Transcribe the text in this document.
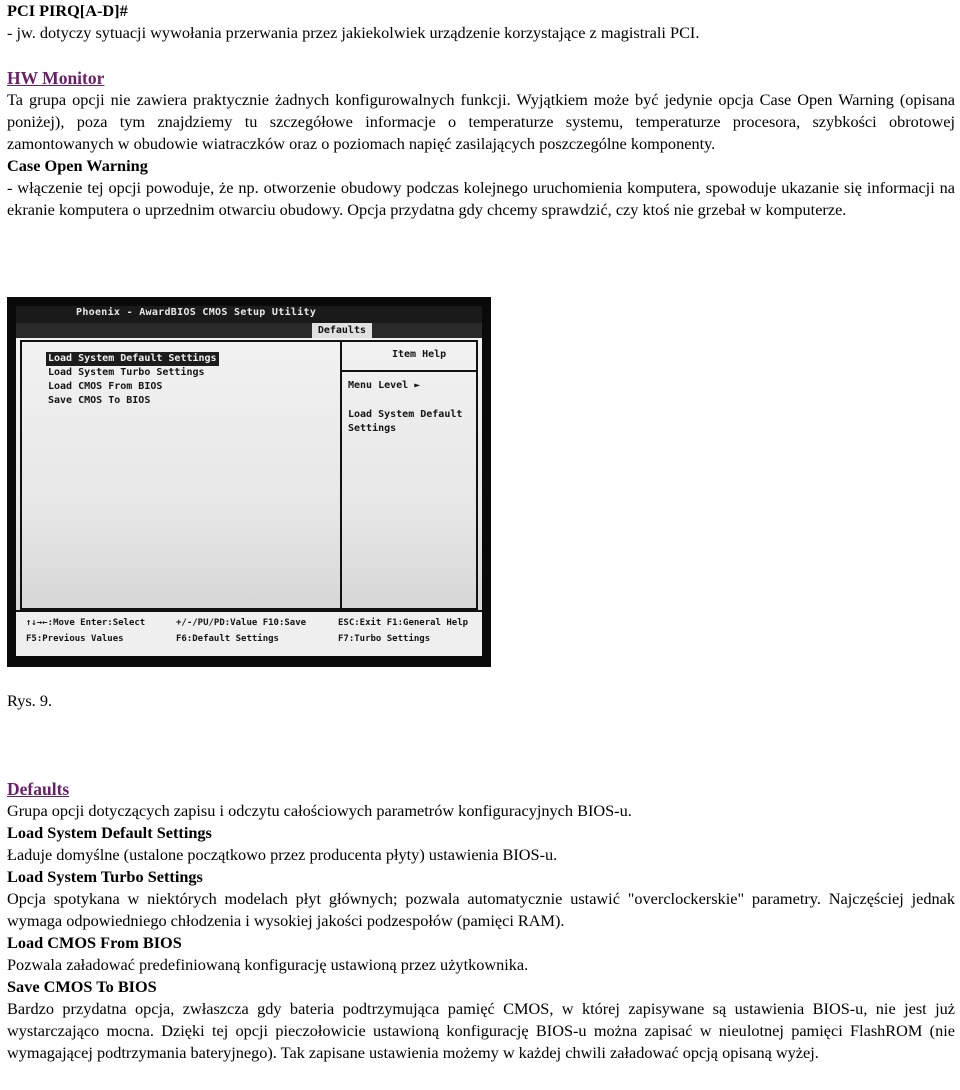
PCI PIRQ[A-D]#

- jw. dotyczy sytuacji wywołania przerwania przez jakiekolwiek urządzenie korzystające z magistrali PCI.

HW Monitor

Ta grupa opcji nie zawiera praktycznie żadnych konfigurowalnych funkcji. Wyjątkiem może być jedynie opcja Case Open Warning (opisana poniżej), poza tym znajdziemy tu szczegółowe informacje o temperaturze systemu, temperaturze procesora, szybkości obrotowej zamontowanych w obudowie wiatraczków oraz o poziomach napięć zasilających poszczególne komponenty.

Case Open Warning

- włączenie tej opcji powoduje, że np. otworzenie obudowy podczas kolejnego uruchomienia komputera, spowoduje ukazanie się informacji na ekranie komputera o uprzednim otwarciu obudowy. Opcja przydatna gdy chcemy sprawdzić, czy ktoś nie grzebał w komputerze.

Phoenix - AwardBIOS CMOS Setup Utility
Defaults
Load System Default Settings
Load System Turbo Settings
Load CMOS From BIOS
Save CMOS To BIOS
Item Help
Menu Level ►
Load System Default Settings
↑↓→←:Move Enter:Select	+/-/PU/PD:Value F10:Save	ESC:Exit F1:General Help
F5:Previous Values	F6:Default Settings	F7:Turbo Settings
Rys. 9.

Defaults

Grupa opcji dotyczących zapisu i odczytu całościowych parametrów konfiguracyjnych BIOS-u.

Load System Default Settings

Ładuje domyślne (ustalone początkowo przez producenta płyty) ustawienia BIOS-u.

Load System Turbo Settings

Opcja spotykana w niektórych modelach płyt głównych; pozwala automatycznie ustawić "overclockerskie" parametry. Najczęściej jednak wymaga odpowiedniego chłodzenia i wysokiej jakości podzespołów (pamięci RAM).

Load CMOS From BIOS

Pozwala załadować predefiniowaną konfigurację ustawioną przez użytkownika.

Save CMOS To BIOS

Bardzo przydatna opcja, zwłaszcza gdy bateria podtrzymująca pamięć CMOS, w której zapisywane są ustawienia BIOS-u, nie jest już wystarczająco mocna. Dzięki tej opcji pieczołowicie ustawioną konfigurację BIOS-u można zapisać w nieulotnej pamięci FlashROM (nie wymagającej podtrzymania bateryjnego). Tak zapisane ustawienia możemy w każdej chwili załadować opcją opisaną wyżej.
